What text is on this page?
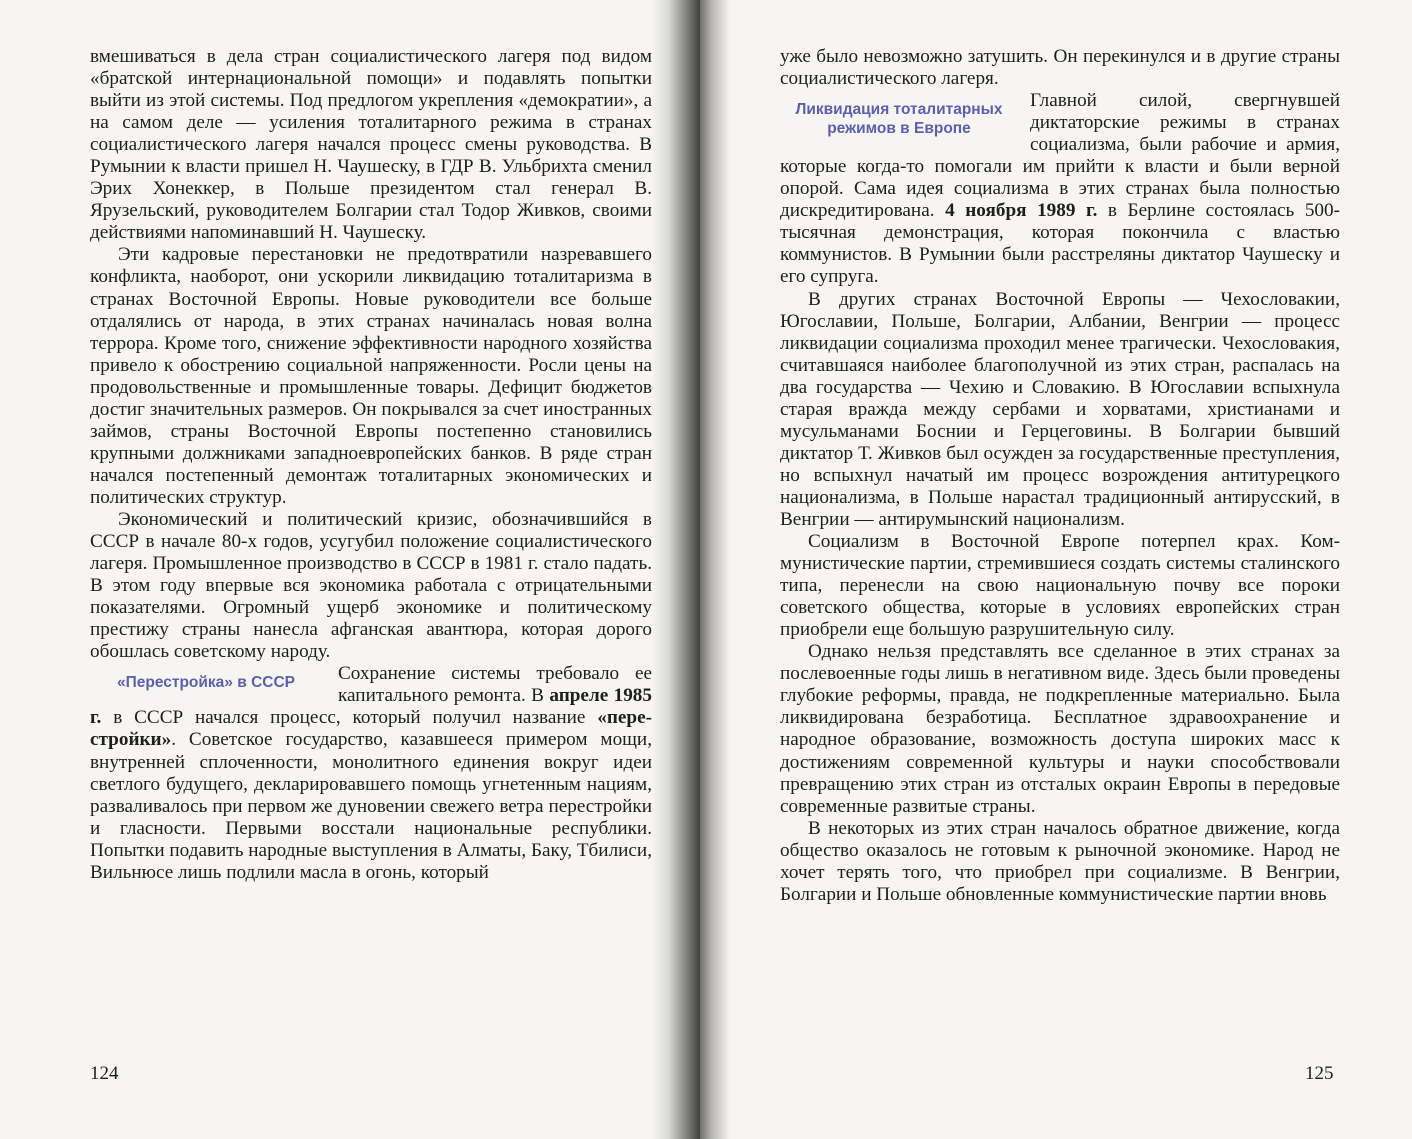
вмешиваться в дела стран социалистического лагеря под видом «братской интернациональной помощи» и подавлять попытки выйти из этой системы. Под предлогом укрепления «демократии», а на самом деле — усиления тоталитарного режима в странах социалистического лагеря начался процесс смены руководства. В Румынии к власти пришел Н. Чаушеску, в ГДР В. Ульбрихта сменил Эрих Хонеккер, в Польше президентом стал генерал В. Ярузельский, руководителем Болгарии стал Тодор Живков, своими действиями напоминавший Н. Чаушеску.

Эти кадровые перестановки не предотвратили назревавшего конфликта, наоборот, они ускорили ликвидацию тоталитаризма в странах Восточной Европы. Новые руководители все больше отдалялись от народа, в этих странах начиналась новая волна террора. Кроме того, снижение эффективности народного хозяйства привело к обострению социальной напряженности. Росли цены на продовольственные и промышленные товары. Дефицит бюджетов достиг значительных размеров. Он покрывался за счет иностранных займов, страны Восточной Европы постепенно становились крупными должниками западноевропейских банков. В ряде стран начался постепенный демонтаж тоталитарных экономических и политических структур.

Экономический и политический кризис, обозначившийся в СССР в начале 80-х годов, усугубил положение социалистического лагеря. Промышленное производство в СССР в 1981 г. стало падать. В этом году впервые вся экономика работала с отрицательными показателями. Огромный ущерб экономике и политическому престижу страны нанесла афганская авантюра, которая дорого обошлась советскому народу.

«Перестройка» в СССР	Сохранение системы требовало ее капитального ремонта. В апреле 1985 г. в СССР начался процесс, который получил название «перестройки». Советское государство, казавшееся примером мощи, внутренней сплоченности, монолитного единения вокруг идеи светлого будущего, декларировавшего помощь угнетенным нациям, разваливалось при первом же дуновении свежего ветра перестройки и гласности. Первыми восстали национальные республики. Попытки подавить народные выступления в Алматы, Баку, Тбилиси, Вильнюсе лишь подлили масла в огонь, который

124

уже было невозможно затушить. Он перекинулся и в другие страны социалистического лагеря.

Ликвидация тоталитарных режимов в Европе
Главной силой, свергнувшей диктаторские режимы в странах социализма, были рабочие и армия, которые когда-то помогали им прийти к власти и были верной опорой. Сама идея социализма в этих странах была полностью дискредитирована. 4 ноября 1989 г. в Берлине состоялась 500-тысячная демонстрация, которая покончила с властью коммунистов. В Румынии были расстреляны диктатор Чаушеску и его супруга.

В других странах Восточной Европы — Чехословакии, Югославии, Польше, Болгарии, Албании, Венгрии — процесс ликвидации социализма проходил менее трагически. Чехословакия, считавшаяся наиболее благополучной из этих стран, распалась на два государства — Чехию и Словакию. В Югославии вспыхнула старая вражда между сербами и хорватами, христианами и мусульманами Боснии и Герцеговины. В Болгарии бывший диктатор Т. Живков был осужден за государственные преступления, но вспыхнул начатый им процесс возрождения антитурецкого национализма, в Польше нарастал традиционный антирусский, в Венгрии — антирумынский национализм.

Социализм в Восточной Европе потерпел крах. Коммунистические партии, стремившиеся создать системы сталинского типа, перенесли на свою национальную почву все пороки советского общества, которые в условиях европейских стран приобрели еще большую разрушительную силу.

Однако нельзя представлять все сделанное в этих странах за послевоенные годы лишь в негативном виде. Здесь были проведены глубокие реформы, правда, не подкрепленные материально. Была ликвидирована безработица. Бесплатное здравоохранение и народное образование, возможность доступа широких масс к достижениям современной культуры и науки способствовали превращению этих стран из отсталых окраин Европы в передовые современные развитые страны.

В некоторых из этих стран началось обратное движение, когда общество оказалось не готовым к рыночной экономике. Народ не хочет терять того, что приобрел при социализме. В Венгрии, Болгарии и Польше обновленные коммунистические партии вновь

125
